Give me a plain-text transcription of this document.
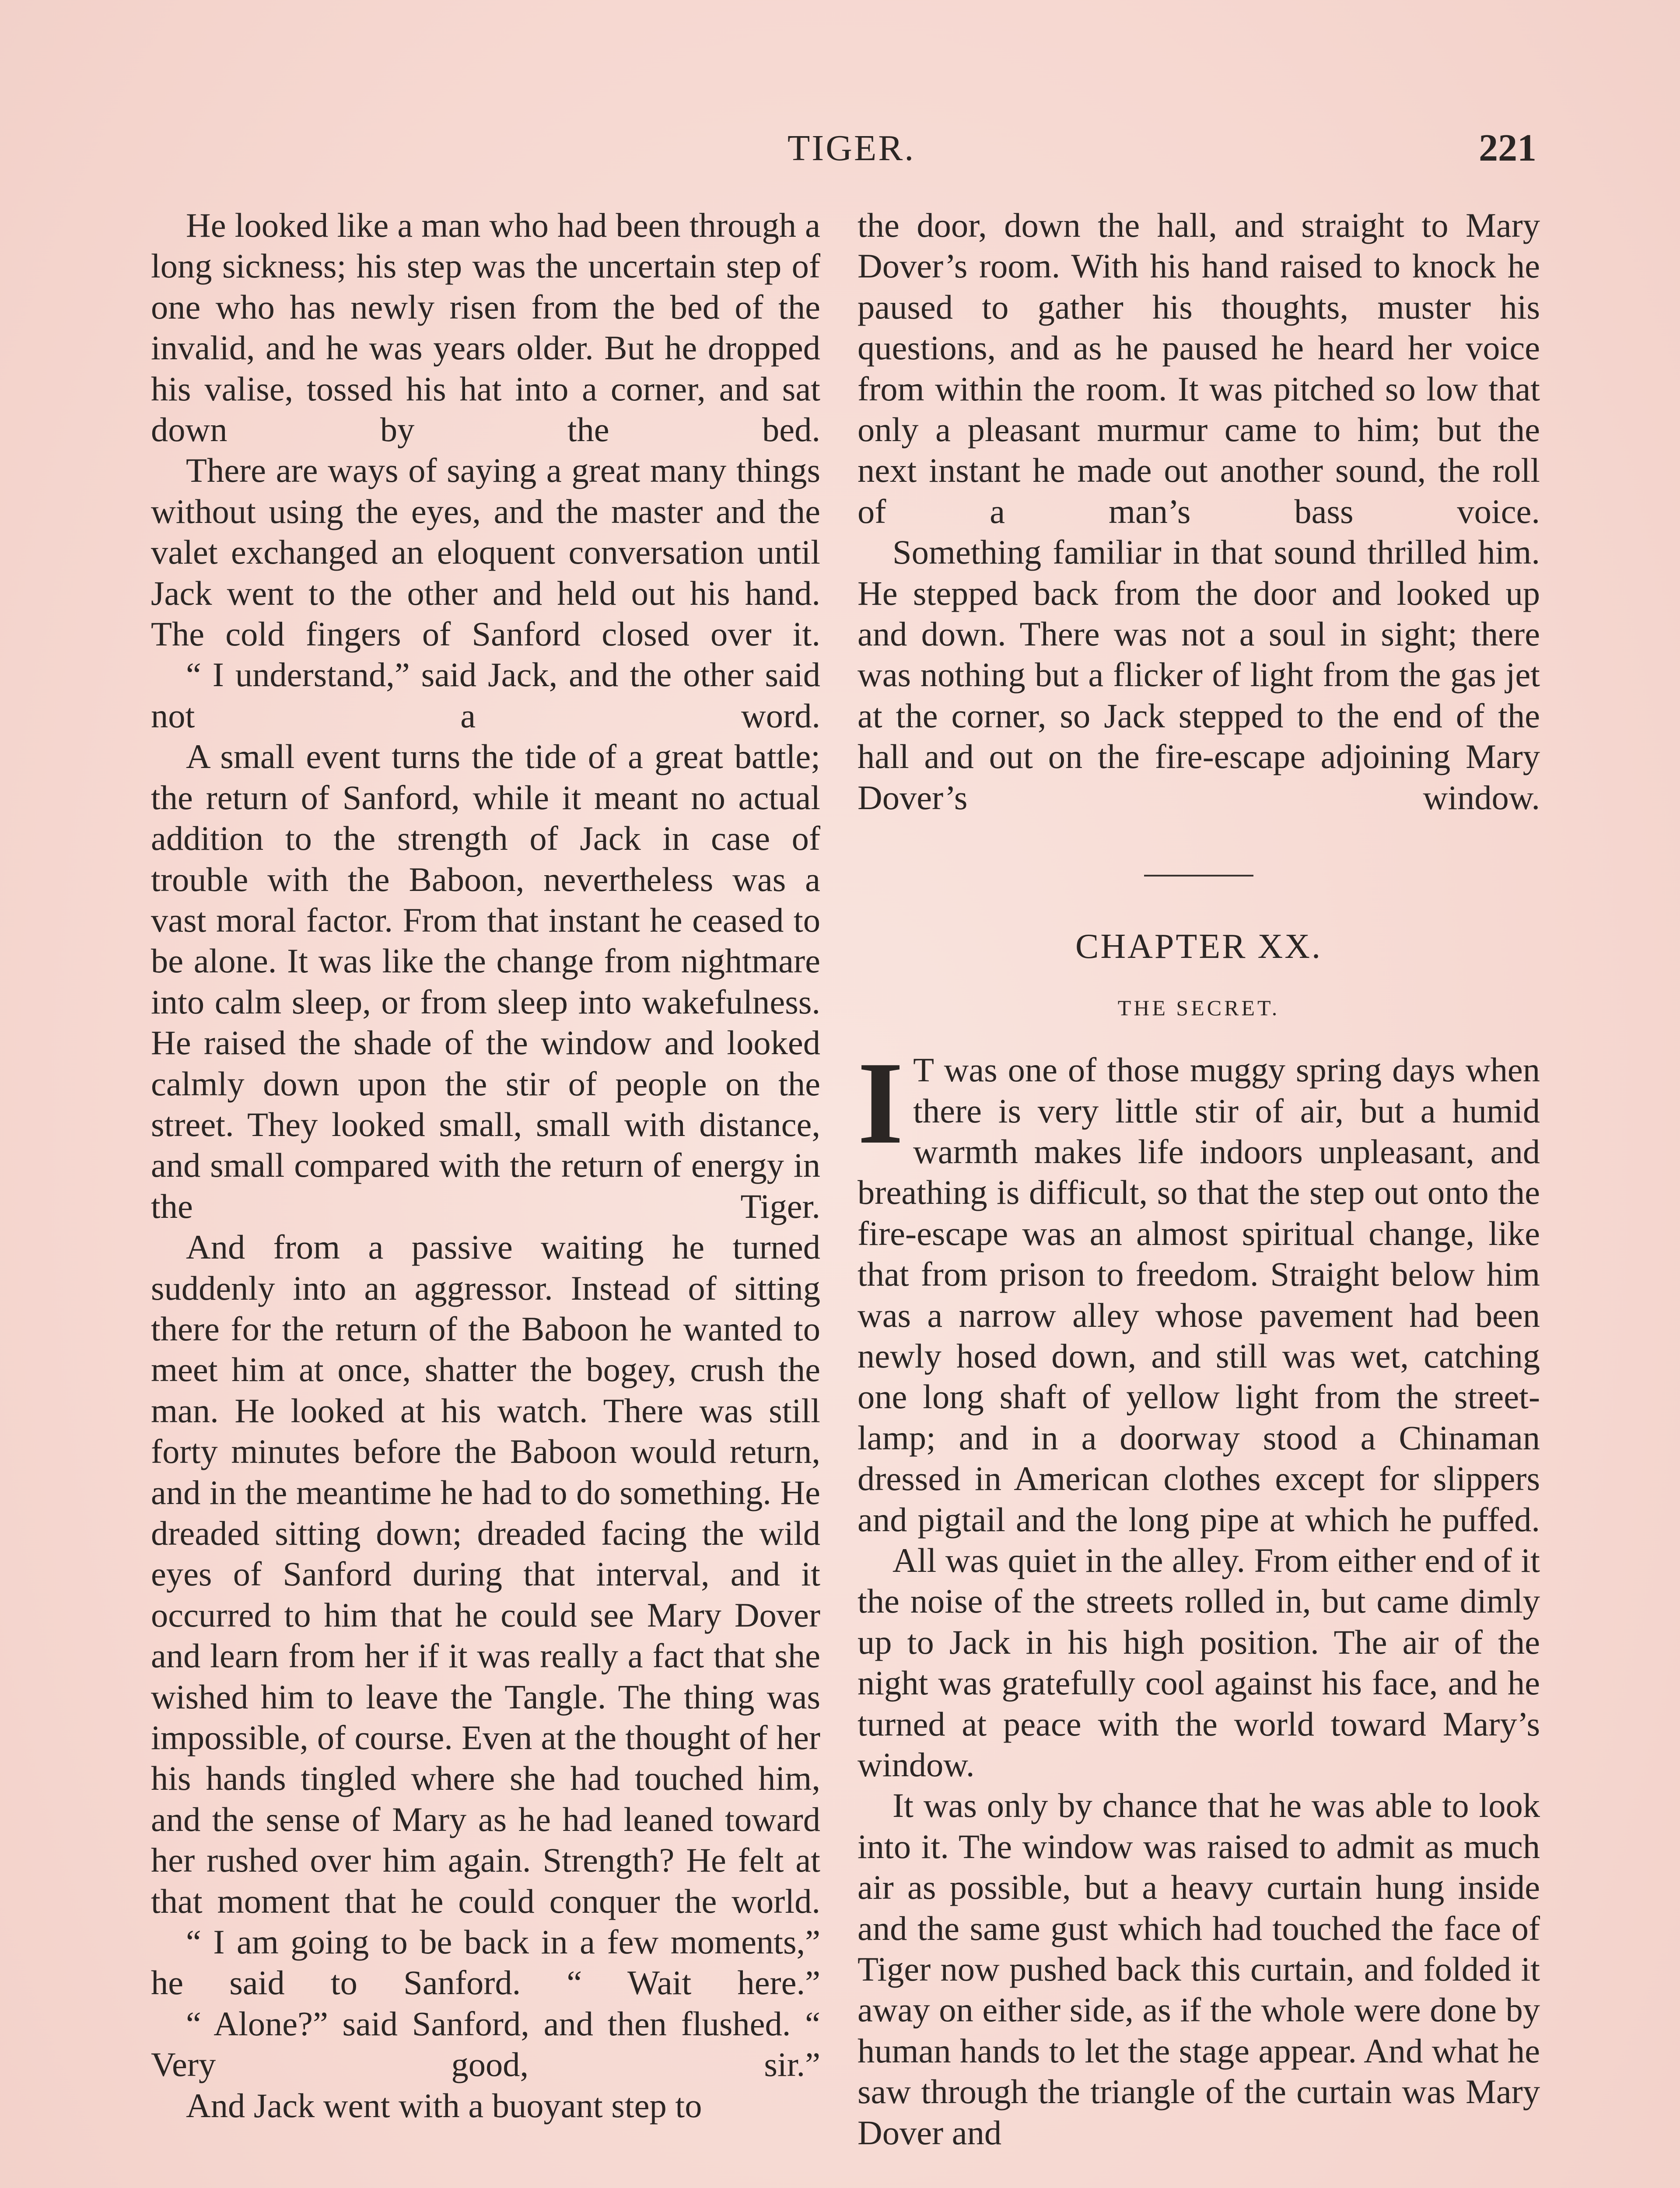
TIGER.	221

He looked like a man who had been through a long sickness; his step was the uncertain step of one who has newly risen from the bed of the invalid, and he was years older. But he dropped his valise, tossed his hat into a corner, and sat down by the bed.

There are ways of saying a great many things without using the eyes, and the master and the valet exchanged an eloquent conversation until Jack went to the other and held out his hand. The cold fingers of Sanford closed over it.

“ I understand,” said Jack, and the other said not a word.

A small event turns the tide of a great battle; the return of Sanford, while it meant no actual addition to the strength of Jack in case of trouble with the Baboon, nevertheless was a vast moral factor. From that instant he ceased to be alone. It was like the change from nightmare into calm sleep, or from sleep into wakefulness. He raised the shade of the window and looked calmly down upon the stir of people on the street. They looked small, small with distance, and small compared with the return of energy in the Tiger.

And from a passive waiting he turned suddenly into an aggressor. Instead of sitting there for the return of the Baboon he wanted to meet him at once, shatter the bogey, crush the man. He looked at his watch. There was still forty minutes before the Baboon would return, and in the meantime he had to do something. He dreaded sitting down; dreaded facing the wild eyes of Sanford during that interval, and it occurred to him that he could see Mary Dover and learn from her if it was really a fact that she wished him to leave the Tangle. The thing was impossible, of course. Even at the thought of her his hands tingled where she had touched him, and the sense of Mary as he had leaned toward her rushed over him again. Strength? He felt at that moment that he could conquer the world.

“ I am going to be back in a few moments,” he said to Sanford. “ Wait here.”

“ Alone?” said Sanford, and then flushed. “ Very good, sir.”

And Jack went with a buoyant step to

the door, down the hall, and straight to Mary Dover’s room. With his hand raised to knock he paused to gather his thoughts, muster his questions, and as he paused he heard her voice from within the room. It was pitched so low that only a pleasant murmur came to him; but the next instant he made out another sound, the roll of a man’s bass voice.

Something familiar in that sound thrilled him. He stepped back from the door and looked up and down. There was not a soul in sight; there was nothing but a flicker of light from the gas jet at the corner, so Jack stepped to the end of the hall and out on the fire-escape adjoining Mary Dover’s window.

CHAPTER XX.
THE SECRET.

I T was one of those muggy spring days when there is very little stir of air, but a humid warmth makes life indoors unpleasant, and breathing is difficult, so that the step out onto the fire-escape was an almost spiritual change, like that from prison to freedom. Straight below him was a narrow alley whose pavement had been newly hosed down, and still was wet, catching one long shaft of yellow light from the street-lamp; and in a doorway stood a Chinaman dressed in American clothes except for slippers and pigtail and the long pipe at which he puffed.

All was quiet in the alley. From either end of it the noise of the streets rolled in, but came dimly up to Jack in his high position. The air of the night was gratefully cool against his face, and he turned at peace with the world toward Mary’s window.

It was only by chance that he was able to look into it. The window was raised to admit as much air as possible, but a heavy curtain hung inside and the same gust which had touched the face of Tiger now pushed back this curtain, and folded it away on either side, as if the whole were done by human hands to let the stage appear. And what he saw through the triangle of the curtain was Mary Dover and
